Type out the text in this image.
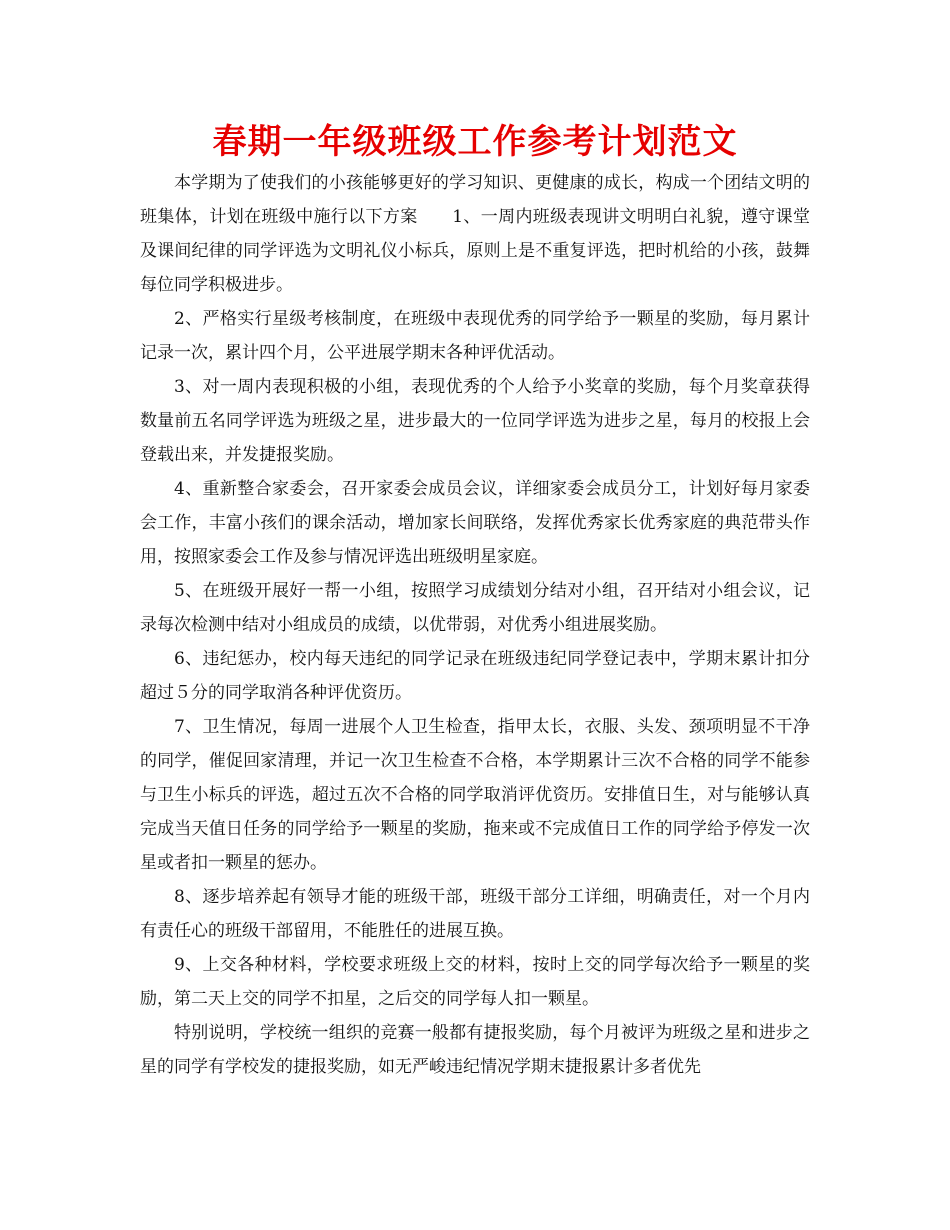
春期一年级班级工作参考计划范文

本学期为了使我们的小孩能够更好的学习知识、更健康的成长，构成一个团结文明的班集体，计划在班级中施行以下方案　　1、一周内班级表现讲文明明白礼貌，遵守课堂及课间纪律的同学评选为文明礼仪小标兵，原则上是不重复评选，把时机给的小孩，鼓舞每位同学积极进步。

2、严格实行星级考核制度，在班级中表现优秀的同学给予一颗星的奖励，每月累计记录一次，累计四个月，公平进展学期末各种评优活动。

3、对一周内表现积极的小组，表现优秀的个人给予小奖章的奖励，每个月奖章获得数量前五名同学评选为班级之星，进步最大的一位同学评选为进步之星，每月的校报上会登载出来，并发捷报奖励。

4、重新整合家委会，召开家委会成员会议，详细家委会成员分工，计划好每月家委会工作，丰富小孩们的课余活动，增加家长间联络，发挥优秀家长优秀家庭的典范带头作用，按照家委会工作及参与情况评选出班级明星家庭。

5、在班级开展好一帮一小组，按照学习成绩划分结对小组，召开结对小组会议，记录每次检测中结对小组成员的成绩，以优带弱，对优秀小组进展奖励。

6、违纪惩办，校内每天违纪的同学记录在班级违纪同学登记表中，学期末累计扣分超过５分的同学取消各种评优资历。

7、卫生情况，每周一进展个人卫生检查，指甲太长，衣服、头发、颈项明显不干净的同学，催促回家清理，并记一次卫生检查不合格，本学期累计三次不合格的同学不能参与卫生小标兵的评选，超过五次不合格的同学取消评优资历。安排值日生，对与能够认真完成当天值日任务的同学给予一颗星的奖励，拖来或不完成值日工作的同学给予停发一次星或者扣一颗星的惩办。

8、逐步培养起有领导才能的班级干部，班级干部分工详细，明确责任，对一个月内有责任心的班级干部留用，不能胜任的进展互换。

9、上交各种材料，学校要求班级上交的材料，按时上交的同学每次给予一颗星的奖励，第二天上交的同学不扣星，之后交的同学每人扣一颗星。

特别说明，学校统一组织的竞赛一般都有捷报奖励，每个月被评为班级之星和进步之星的同学有学校发的捷报奖励，如无严峻违纪情况学期末捷报累计多者优先
